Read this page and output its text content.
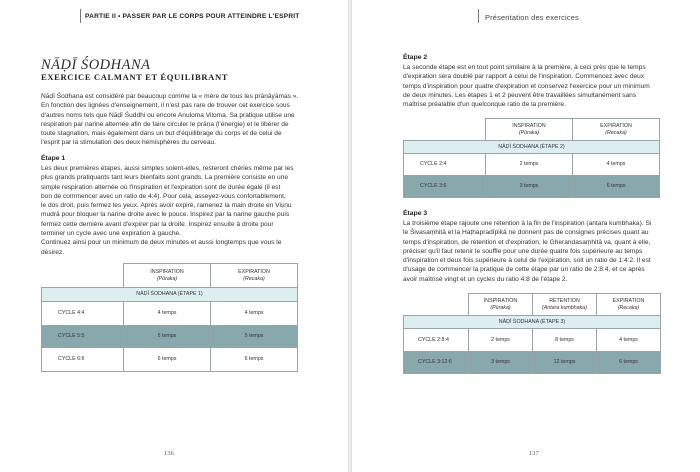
PARTIE II • PASSER PAR LE CORPS POUR ATTEINDRE L'ESPRIT
NĀḌĪ ŚODHANA
EXERCICE CALMANT ET ÉQUILIBRANT

Nāḍī Śodhana est considéré par beaucoup comme la « mère de tous les prāṇāyāmas ».

En fonction des lignées d'enseignement, il n'est pas rare de trouver cet exercice sous

d'autres noms tels que Nāḍī Śuddhi ou encore Anuloma Viloma. Sa pratique utilise une

respiration par narine alternée afin de faire circuler le prāṇa (l'énergie) et le libérer de

toute stagnation, mais également dans un but d'équilibrage du corps et de celui de

l'esprit par la stimulation des deux hémisphères du cerveau.

Étape 1

Les deux premières étapes, aussi simples soient-elles, resteront chéries même par les

plus grands pratiquants tant leurs bienfaits sont grands. La première consiste en une

simple respiration alternée où l'inspiration et l'expiration sont de durée égale (il est

bon de commencer avec un ratio de 4:4). Pour cela, asseyez-vous confortablement,

le dos droit, puis fermez les yeux. Après avoir expiré, ramenez la main droite en Viṣṇu

mudrā pour bloquer la narine droite avec le pouce. Inspirez par la narine gauche puis

fermez cette dernière avant d'expirer par la droite. Inspirez ensuite à droite pour

terminer un cycle avec une expiration à gauche.

Continuez ainsi pour un minimum de deux minutes et aussi longtemps que vous le

désirez.

	INSPIRATION
(Pūraka)	EXPIRATION
(Recaka)

NĀḌĪ ŚODHANA (ÉTAPE 1)		
CYCLE 4:4	4 temps	4 temps
CYCLE 5:5	5 temps	5 temps
CYCLE 6:6	6 temps	6 temps
136
Présentation des exercices
Étape 2

La seconde étape est en tout point similaire à la première, à ceci près que le temps

d'expiration sera doublé par rapport à celui de l'inspiration. Commencez avec deux

temps d'inspiration pour quatre d'expiration et conservez l'exercice pour un minimum

de deux minutes. Les étapes 1 et 2 peuvent être travaillées simultanément sans

maîtrise préalable d'un quelconque ratio de la première.

	INSPIRATION
(Pūraka)	EXPIRATION
(Recaka)

NĀḌĪ ŚODHANA (ÉTAPE 2)		
CYCLE 2:4	2 temps	4 temps
CYCLE 3:6	3 temps	6 temps
Étape 3

La troisième étape rajoute une rétention à la fin de l'inspiration (antara kumbhaka). Si

le Śivasaṃhitā et la Haṭhapradīpikā ne donnent pas de consignes précises quant au

temps d'inspiration, de rétention et d'expiration, le Gherandasaṃhitā va, quant à elle,

préciser qu'il faut retenir le souffle pour une durée quatre fois supérieure au temps

d'inspiration et deux fois supérieure à celui de l'expiration, soit un ratio de 1:4:2. Il est

d'usage de commencer la pratique de cette étape par un ratio de 2:8:4, et ce après

avoir maîtrisé vingt et un cycles du ratio 4:8 de l'étape 2.

	INSPIRATION
(Pūraka)	RÉTENTION
(Antara kumbhaka)	EXPIRATION
(Recaka)

NĀḌĪ ŚODHANA (ÉTAPE 3)			
CYCLE 2:8:4	2 temps	8 temps	4 temps
CYCLE 3:12:6	3 temps	12 temps	6 temps
137
